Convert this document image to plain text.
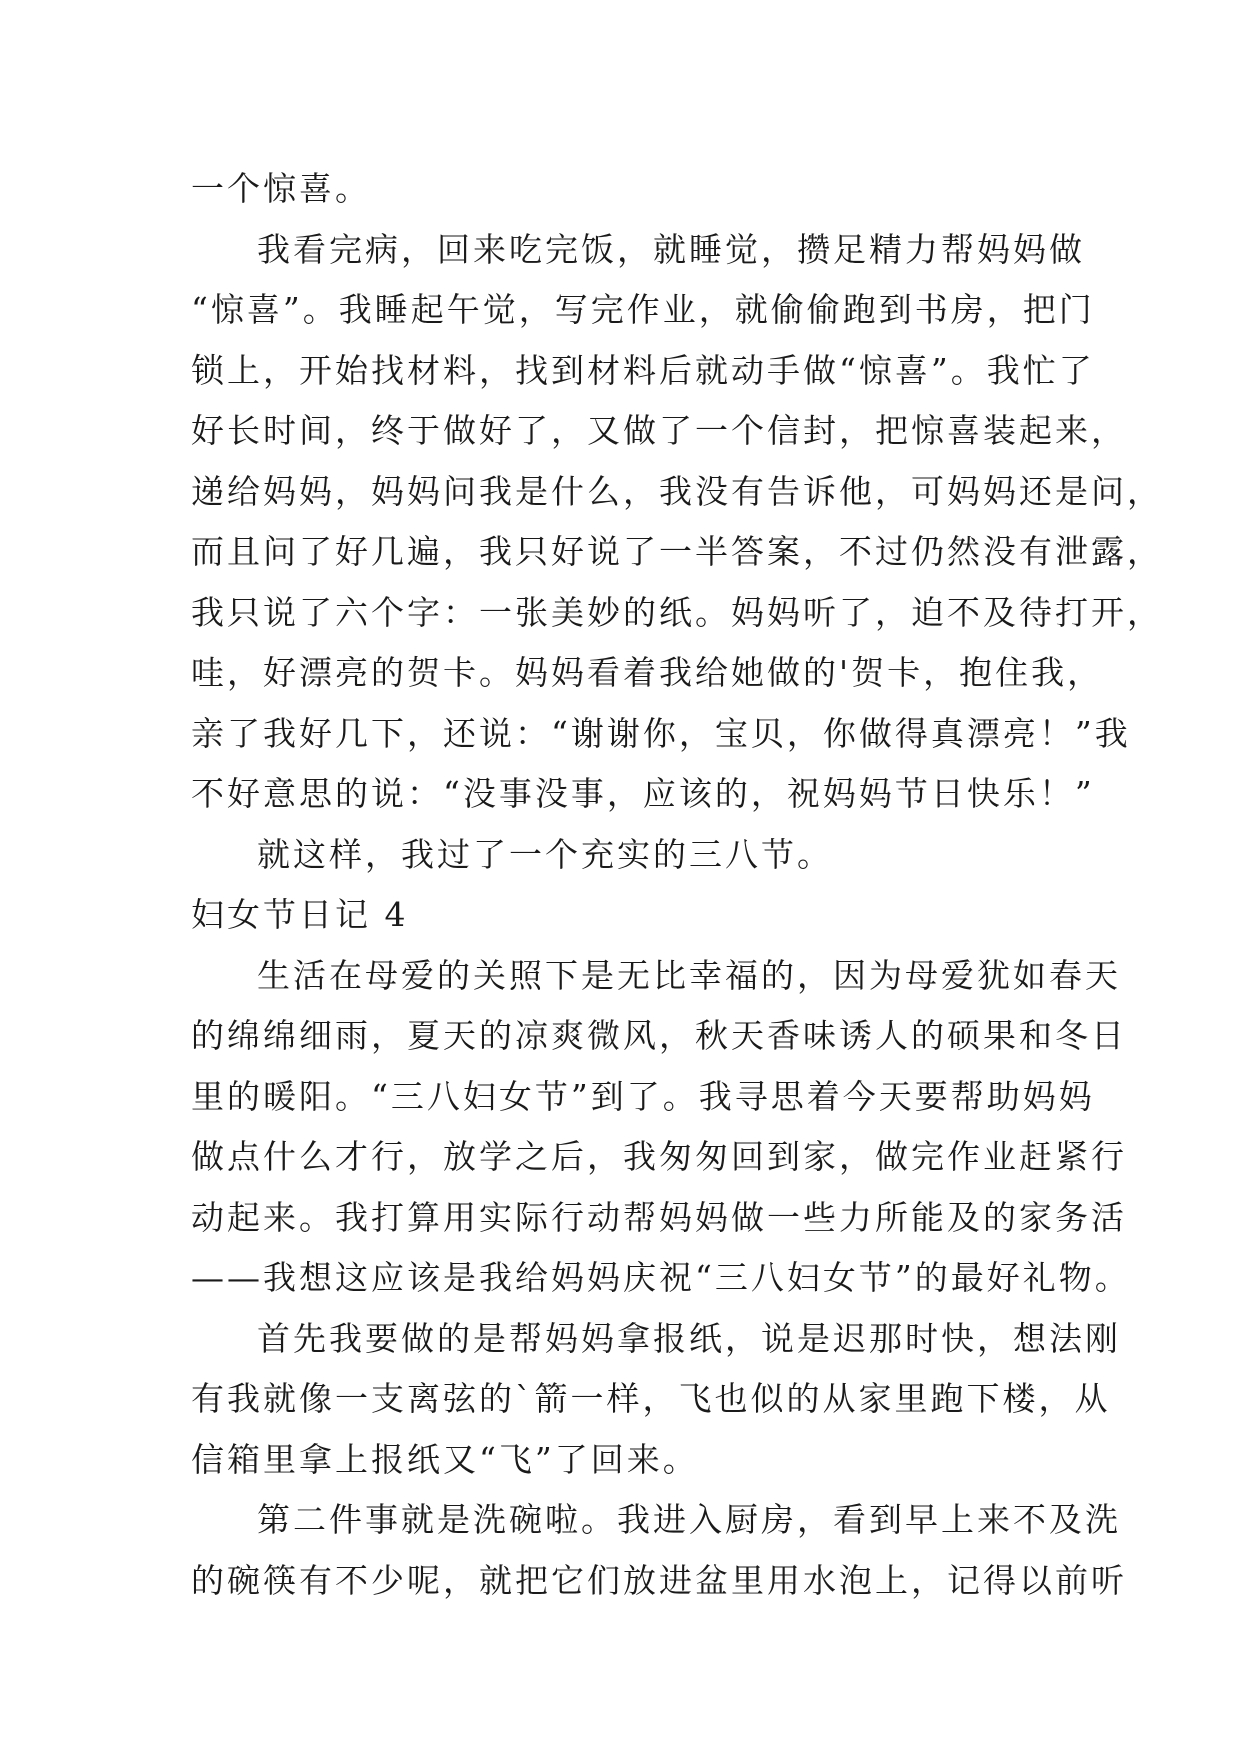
一个惊喜。
我看完病，回来吃完饭，就睡觉，攒足精力帮妈妈做
“惊喜”。我睡起午觉，写完作业，就偷偷跑到书房，把门
锁上，开始找材料，找到材料后就动手做“惊喜”。我忙了
好长时间，终于做好了，又做了一个信封，把惊喜装起来，
递给妈妈，妈妈问我是什么，我没有告诉他，可妈妈还是问，
而且问了好几遍，我只好说了一半答案，不过仍然没有泄露，
我只说了六个字：一张美妙的纸。妈妈听了，迫不及待打开，
哇，好漂亮的贺卡。妈妈看着我给她做的'贺卡，抱住我，
亲了我好几下，还说：“谢谢你，宝贝，你做得真漂亮！”我
不好意思的说：“没事没事，应该的，祝妈妈节日快乐！”
就这样，我过了一个充实的三八节。
妇女节日记 4
生活在母爱的关照下是无比幸福的，因为母爱犹如春天
的绵绵细雨，夏天的凉爽微风，秋天香味诱人的硕果和冬日
里的暖阳。“三八妇女节”到了。我寻思着今天要帮助妈妈
做点什么才行，放学之后，我匆匆回到家，做完作业赶紧行
动起来。我打算用实际行动帮妈妈做一些力所能及的家务活
——我想这应该是我给妈妈庆祝“三八妇女节”的最好礼物。
首先我要做的是帮妈妈拿报纸，说是迟那时快，想法刚
有我就像一支离弦的`箭一样，飞也似的从家里跑下楼，从
信箱里拿上报纸又“飞”了回来。
第二件事就是洗碗啦。我进入厨房，看到早上来不及洗
的碗筷有不少呢，就把它们放进盆里用水泡上，记得以前听
